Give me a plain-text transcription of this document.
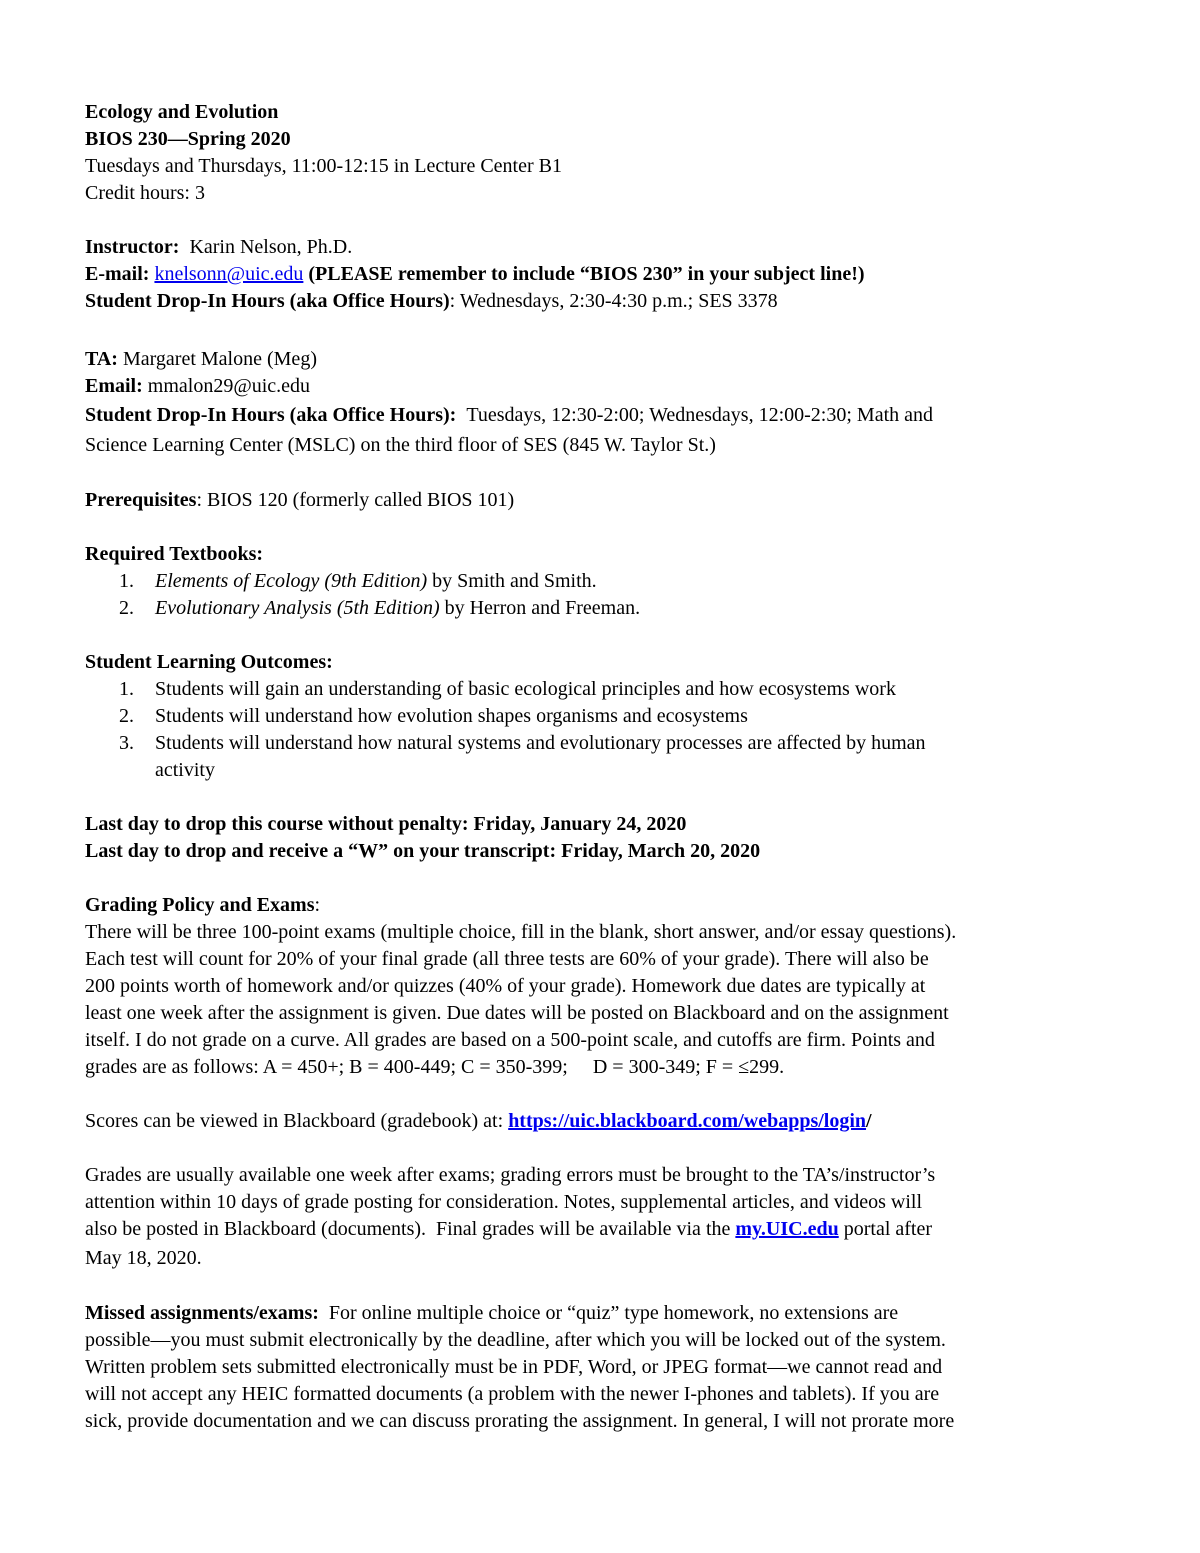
Ecology and Evolution
BIOS 230—Spring 2020
Tuesdays and Thursdays, 11:00-12:15 in Lecture Center B1
Credit hours: 3
Instructor: Karin Nelson, Ph.D.
E-mail: knelsonn@uic.edu (PLEASE remember to include “BIOS 230” in your subject line!)
Student Drop-In Hours (aka Office Hours): Wednesdays, 2:30-4:30 p.m.; SES 3378
TA: Margaret Malone (Meg)
Email: mmalon29@uic.edu
Student Drop-In Hours (aka Office Hours): Tuesdays, 12:30-2:00; Wednesdays, 12:00-2:30; Math and
Science Learning Center (MSLC) on the third floor of SES (845 W. Taylor St.)
Prerequisites: BIOS 120 (formerly called BIOS 101)
Required Textbooks:
1. Elements of Ecology (9th Edition) by Smith and Smith.
2. Evolutionary Analysis (5th Edition) by Herron and Freeman.
Student Learning Outcomes:
1. Students will gain an understanding of basic ecological principles and how ecosystems work
2. Students will understand how evolution shapes organisms and ecosystems
3. Students will understand how natural systems and evolutionary processes are affected by human
activity
Last day to drop this course without penalty: Friday, January 24, 2020
Last day to drop and receive a “W” on your transcript: Friday, March 20, 2020
Grading Policy and Exams:
There will be three 100-point exams (multiple choice, fill in the blank, short answer, and/or essay questions).
Each test will count for 20% of your final grade (all three tests are 60% of your grade). There will also be
200 points worth of homework and/or quizzes (40% of your grade). Homework due dates are typically at
least one week after the assignment is given. Due dates will be posted on Blackboard and on the assignment
itself. I do not grade on a curve. All grades are based on a 500-point scale, and cutoffs are firm. Points and
grades are as follows: A = 450+; B = 400-449; C = 350-399;     D = 300-349; F = ≤299.
Scores can be viewed in Blackboard (gradebook) at: https://uic.blackboard.com/webapps/login/
Grades are usually available one week after exams; grading errors must be brought to the TA’s/instructor’s
attention within 10 days of grade posting for consideration. Notes, supplemental articles, and videos will
also be posted in Blackboard (documents).  Final grades will be available via the my.UIC.edu portal after
May 18, 2020.
Missed assignments/exams:  For online multiple choice or “quiz” type homework, no extensions are
possible—you must submit electronically by the deadline, after which you will be locked out of the system.
Written problem sets submitted electronically must be in PDF, Word, or JPEG format—we cannot read and
will not accept any HEIC formatted documents (a problem with the newer I-phones and tablets). If you are
sick, provide documentation and we can discuss prorating the assignment. In general, I will not prorate more
